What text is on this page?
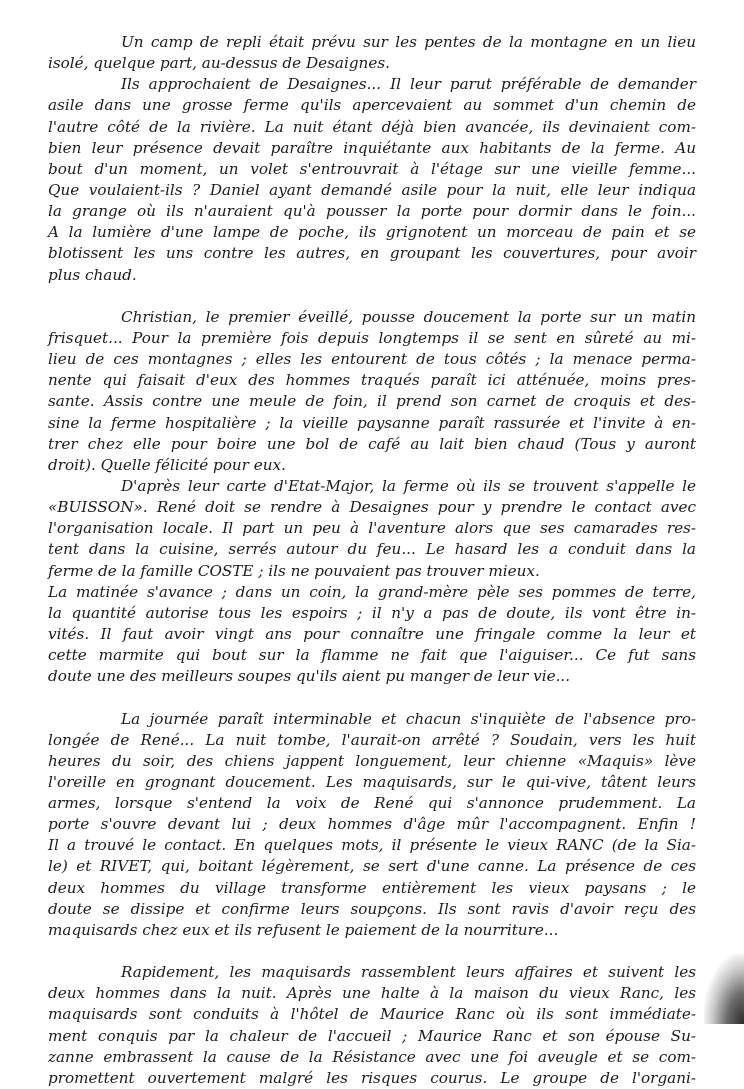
Un camp de repli était prévu sur les pentes de la montagne en un lieu
isolé, quelque part, au-dessus de Desaignes.
Ils approchaient de Desaignes... Il leur parut préférable de demander
asile dans une grosse ferme qu'ils apercevaient au sommet d'un chemin de
l'autre côté de la rivière. La nuit étant déjà bien avancée, ils devinaient com-
bien leur présence devait paraître inquiétante aux habitants de la ferme. Au
bout d'un moment, un volet s'entrouvrait à l'étage sur une vieille femme...
Que voulaient-ils ? Daniel ayant demandé asile pour la nuit, elle leur indiqua
la grange où ils n'auraient qu'à pousser la porte pour dormir dans le foin...
A la lumière d'une lampe de poche, ils grignotent un morceau de pain et se
blotissent les uns contre les autres, en groupant les couvertures, pour avoir
plus chaud.
Christian, le premier éveillé, pousse doucement la porte sur un matin
frisquet... Pour la première fois depuis longtemps il se sent en sûreté au mi-
lieu de ces montagnes ; elles les entourent de tous côtés ; la menace perma-
nente qui faisait d'eux des hommes traqués paraît ici atténuée, moins pres-
sante. Assis contre une meule de foin, il prend son carnet de croquis et des-
sine la ferme hospitalière ; la vieille paysanne paraît rassurée et l'invite à en-
trer chez elle pour boire une bol de café au lait bien chaud (Tous y auront
droit). Quelle félicité pour eux.
D'après leur carte d'Etat-Major, la ferme où ils se trouvent s'appelle le
«BUISSON». René doit se rendre à Desaignes pour y prendre le contact avec
l'organisation locale. Il part un peu à l'aventure alors que ses camarades res-
tent dans la cuisine, serrés autour du feu... Le hasard les a conduit dans la
ferme de la famille COSTE ; ils ne pouvaient pas trouver mieux.
La matinée s'avance ; dans un coin, la grand-mère pèle ses pommes de terre,
la quantité autorise tous les espoirs ; il n'y a pas de doute, ils vont être in-
vités. Il faut avoir vingt ans pour connaître une fringale comme la leur et
cette marmite qui bout sur la flamme ne fait que l'aiguiser... Ce fut sans
doute une des meilleurs soupes qu'ils aient pu manger de leur vie...
La journée paraît interminable et chacun s'inquiète de l'absence pro-
longée de René... La nuit tombe, l'aurait-on arrêté ? Soudain, vers les huit
heures du soir, des chiens jappent longuement, leur chienne «Maquis» lève
l'oreille en grognant doucement. Les maquisards, sur le qui-vive, tâtent leurs
armes, lorsque s'entend la voix de René qui s'annonce prudemment. La
porte s'ouvre devant lui ; deux hommes d'âge mûr l'accompagnent. Enfin !
Il a trouvé le contact. En quelques mots, il présente le vieux RANC (de la Sia-
le) et RIVET, qui, boitant légèrement, se sert d'une canne. La présence de ces
deux hommes du village transforme entièrement les vieux paysans ; le
doute se dissipe et confirme leurs soupçons. Ils sont ravis d'avoir reçu des
maquisards chez eux et ils refusent le paiement de la nourriture...
Rapidement, les maquisards rassemblent leurs affaires et suivent les
deux hommes dans la nuit. Après une halte à la maison du vieux Ranc, les
maquisards sont conduits à l'hôtel de Maurice Ranc où ils sont immédiate-
ment conquis par la chaleur de l'accueil ; Maurice Ranc et son épouse Su-
zanne embrassent la cause de la Résistance avec une foi aveugle et se com-
promettent ouvertement malgré les risques courus. Le groupe de l'organi-
